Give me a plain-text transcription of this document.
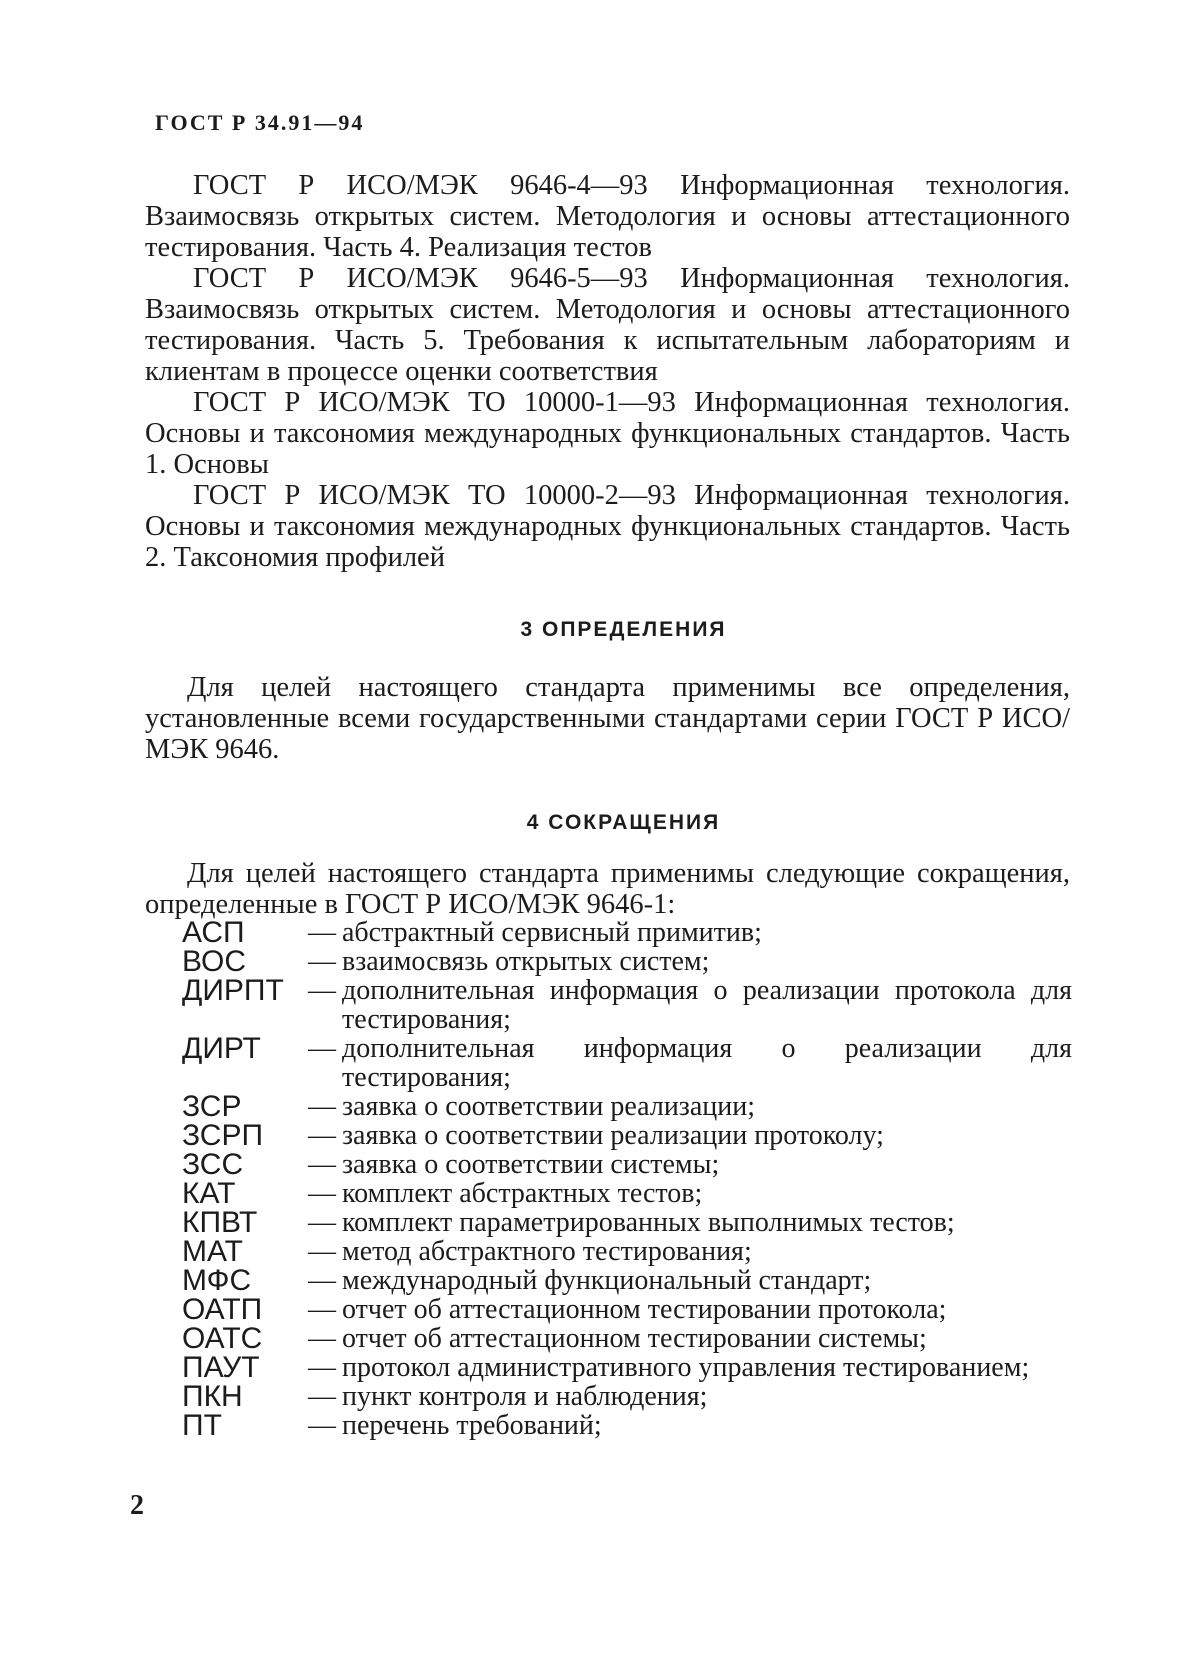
ГОСТ Р 34.91—94

ГОСТ Р ИСО/МЭК 9646-4—93 Информационная технология. Взаимосвязь открытых систем. Методология и основы аттестационного тестирования. Часть 4. Реализация тестов

ГОСТ Р ИСО/МЭК 9646-5—93 Информационная технология. Взаимосвязь открытых систем. Методология и основы аттестационного тестирования. Часть 5. Требования к испытательным лабораториям и клиентам в процессе оценки соответствия

ГОСТ Р ИСО/МЭК ТО 10000-1—93 Информационная технология. Основы и таксономия международных функциональных стандартов. Часть 1. Основы

ГОСТ Р ИСО/МЭК ТО 10000-2—93 Информационная технология. Основы и таксономия международных функциональных стандартов. Часть 2. Таксономия профилей

3 ОПРЕДЕЛЕНИЯ

Для целей настоящего стандарта применимы все определения, установленные всеми государственными стандартами серии ГОСТ Р ИСО/МЭК 9646.

4 СОКРАЩЕНИЯ

Для целей настоящего стандарта применимы следующие сокращения, определенные в ГОСТ Р ИСО/МЭК 9646-1:

АСП	— абстрактный сервисный примитив;
ВОС	— взаимосвязь открытых систем;
ДИРПТ — дополнительная информация о реализации протокола для тестирования;
ДИРТ	— дополнительная информация о реализации для тестирования;
ЗСР	— заявка о соответствии реализации;
ЗСРП	— заявка о соответствии реализации протоколу;
ЗСС	— заявка о соответствии системы;
КАТ	— комплект абстрактных тестов;
КПВТ	— комплект параметрированных выполнимых тестов;
МАТ	— метод абстрактного тестирования;
МФС	— международный функциональный стандарт;
ОАТП	— отчет об аттестационном тестировании протокола;
ОАТС	— отчет об аттестационном тестировании системы;
ПАУТ	— протокол административного управления тестированием;
ПКН	— пункт контроля и наблюдения;
ПТ	— перечень требований;
2
